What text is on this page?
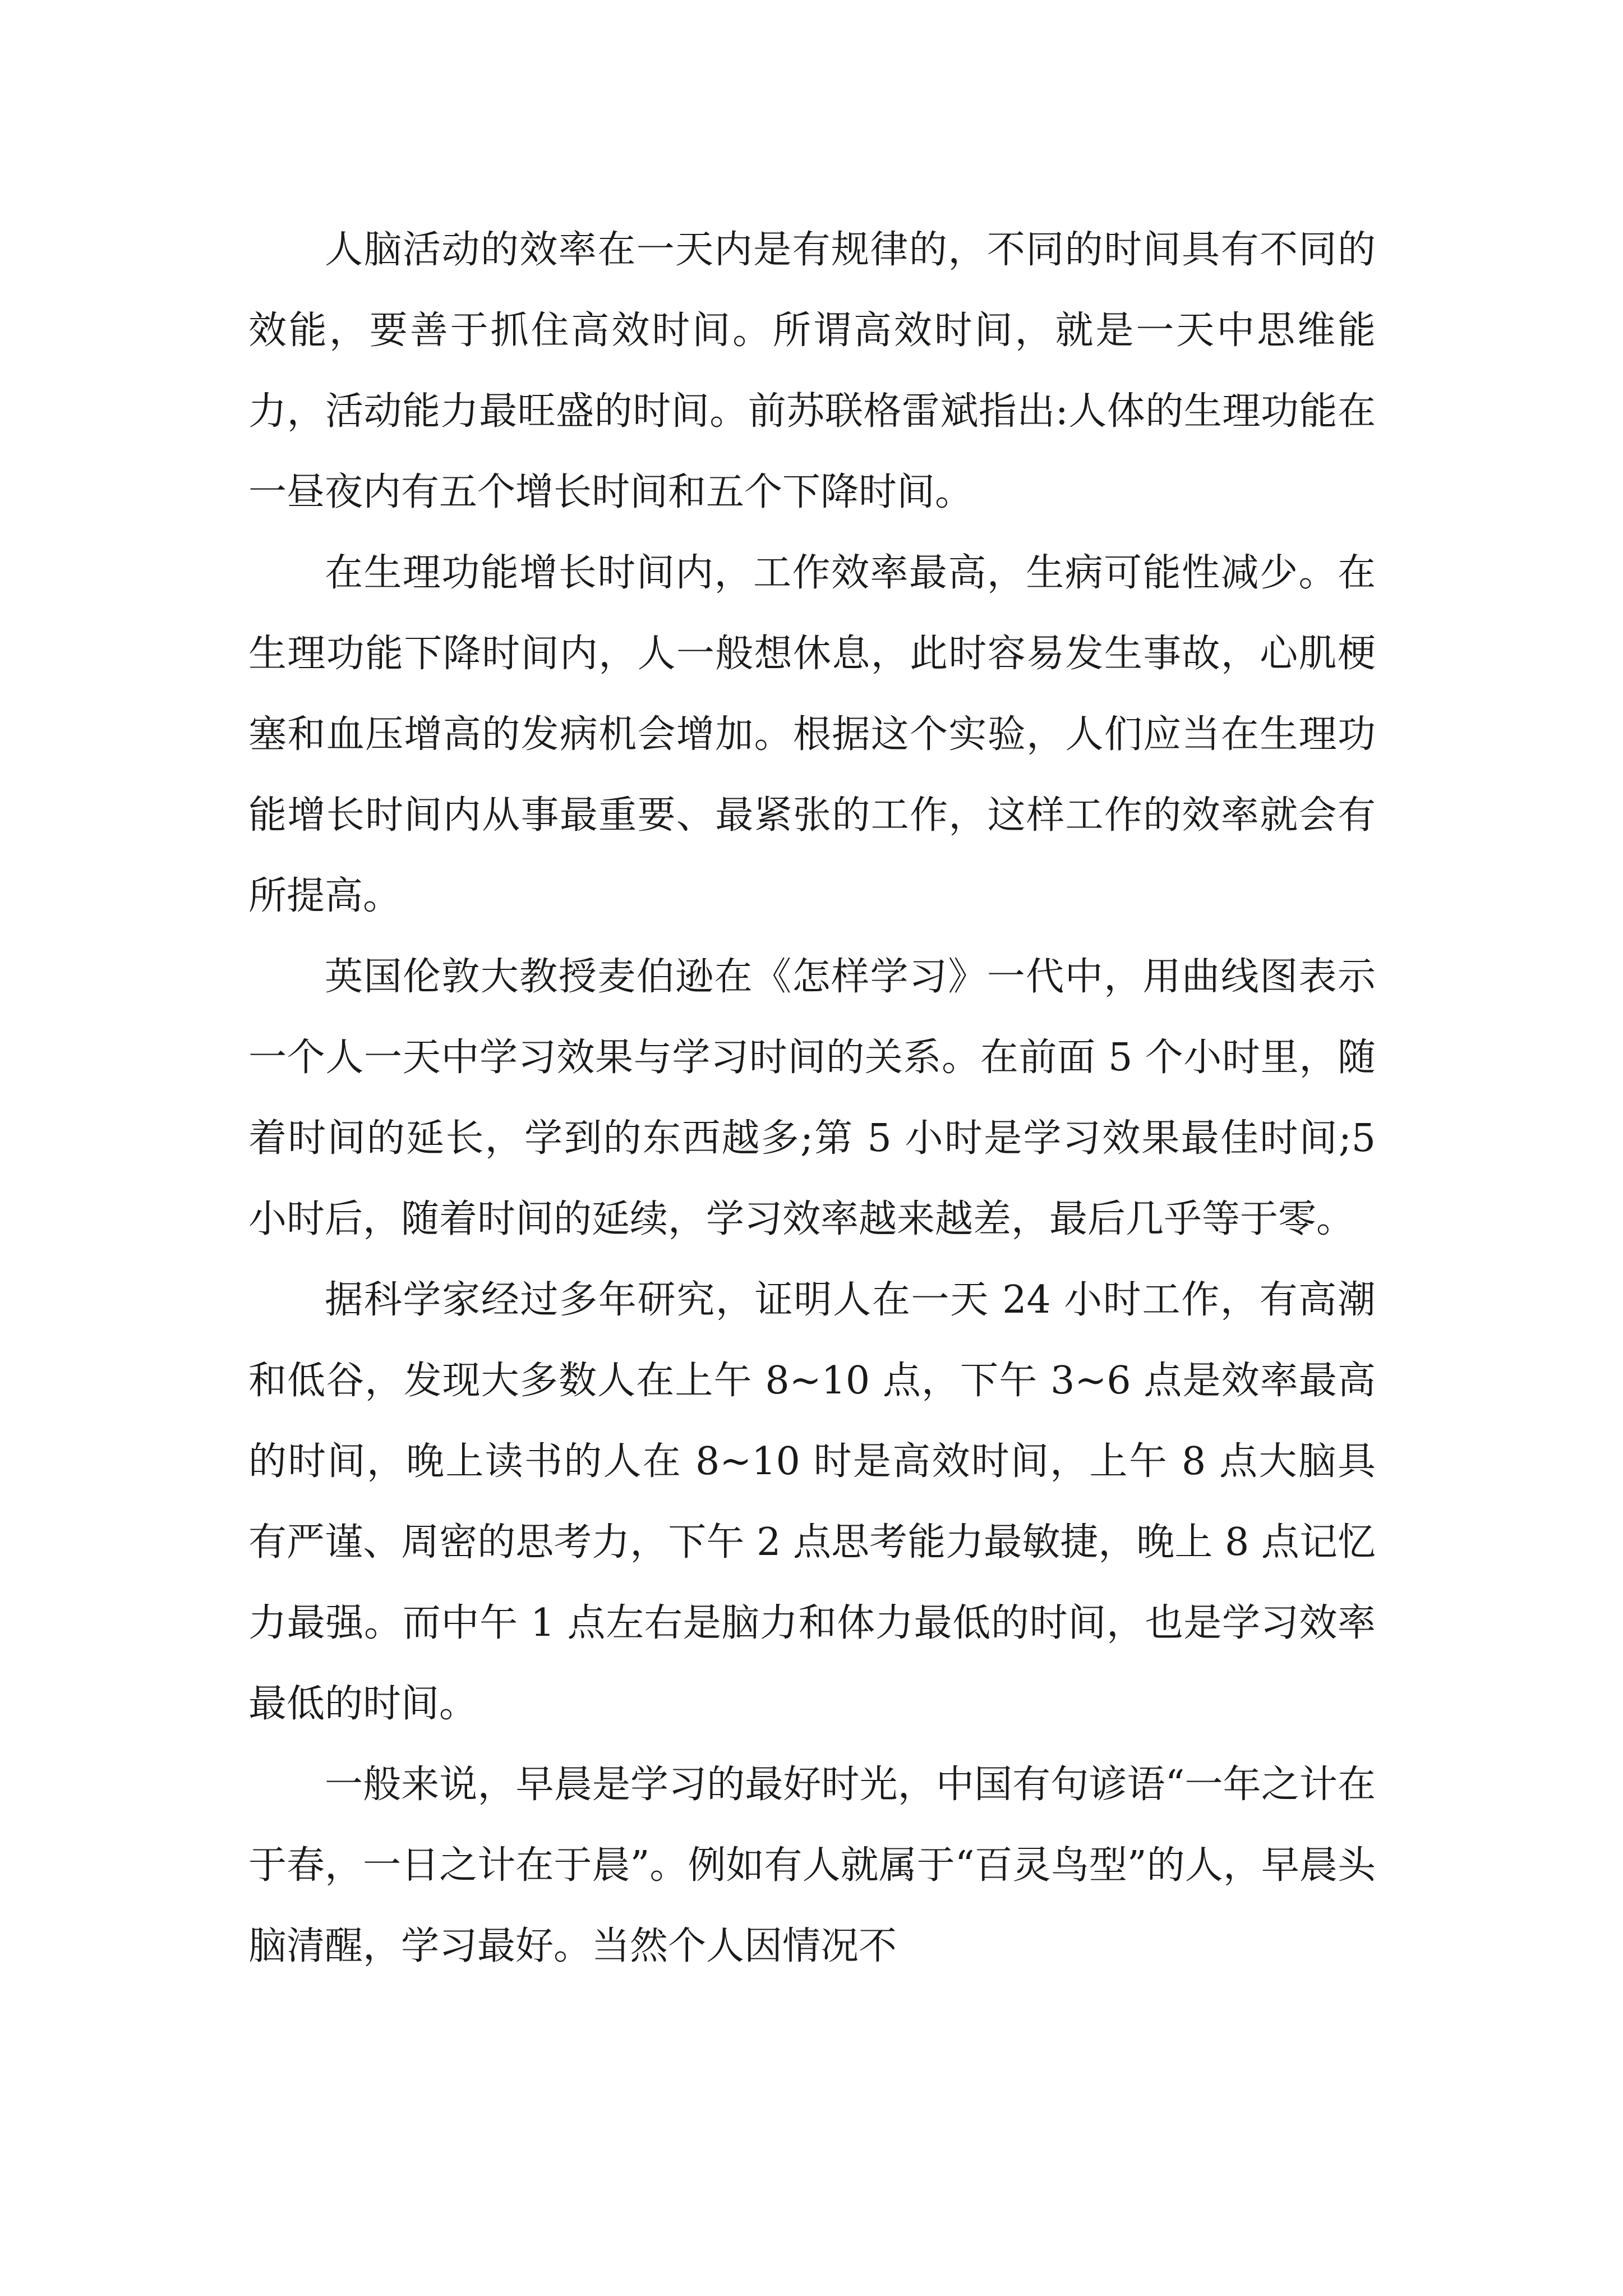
人脑活动的效率在一天内是有规律的，不同的时间具有不同的效能，要善于抓住高效时间。所谓高效时间，就是一天中思维能力，活动能力最旺盛的时间。前苏联格雷斌指出:人体的生理功能在一昼夜内有五个增长时间和五个下降时间。

在生理功能增长时间内，工作效率最高，生病可能性减少。在生理功能下降时间内，人一般想休息，此时容易发生事故，心肌梗塞和血压增高的发病机会增加。根据这个实验，人们应当在生理功能增长时间内从事最重要、最紧张的工作，这样工作的效率就会有所提高。

英国伦敦大教授麦伯逊在《怎样学习》一代中，用曲线图表示一个人一天中学习效果与学习时间的关系。在前面 5 个小时里，随着时间的延长，学到的东西越多;第 5 小时是学习效果最佳时间;5 小时后，随着时间的延续，学习效率越来越差，最后几乎等于零。

据科学家经过多年研究，证明人在一天 24 小时工作，有高潮和低谷，发现大多数人在上午 8~10 点，下午 3~6 点是效率最高的时间，晚上读书的人在 8~10 时是高效时间，上午 8 点大脑具有严谨、周密的思考力，下午 2 点思考能力最敏捷，晚上 8 点记忆力最强。而中午 1 点左右是脑力和体力最低的时间，也是学习效率最低的时间。

一般来说，早晨是学习的最好时光，中国有句谚语“一年之计在于春，一日之计在于晨”。例如有人就属于“百灵鸟型”的人，早晨头脑清醒，学习最好。当然个人因情况不
